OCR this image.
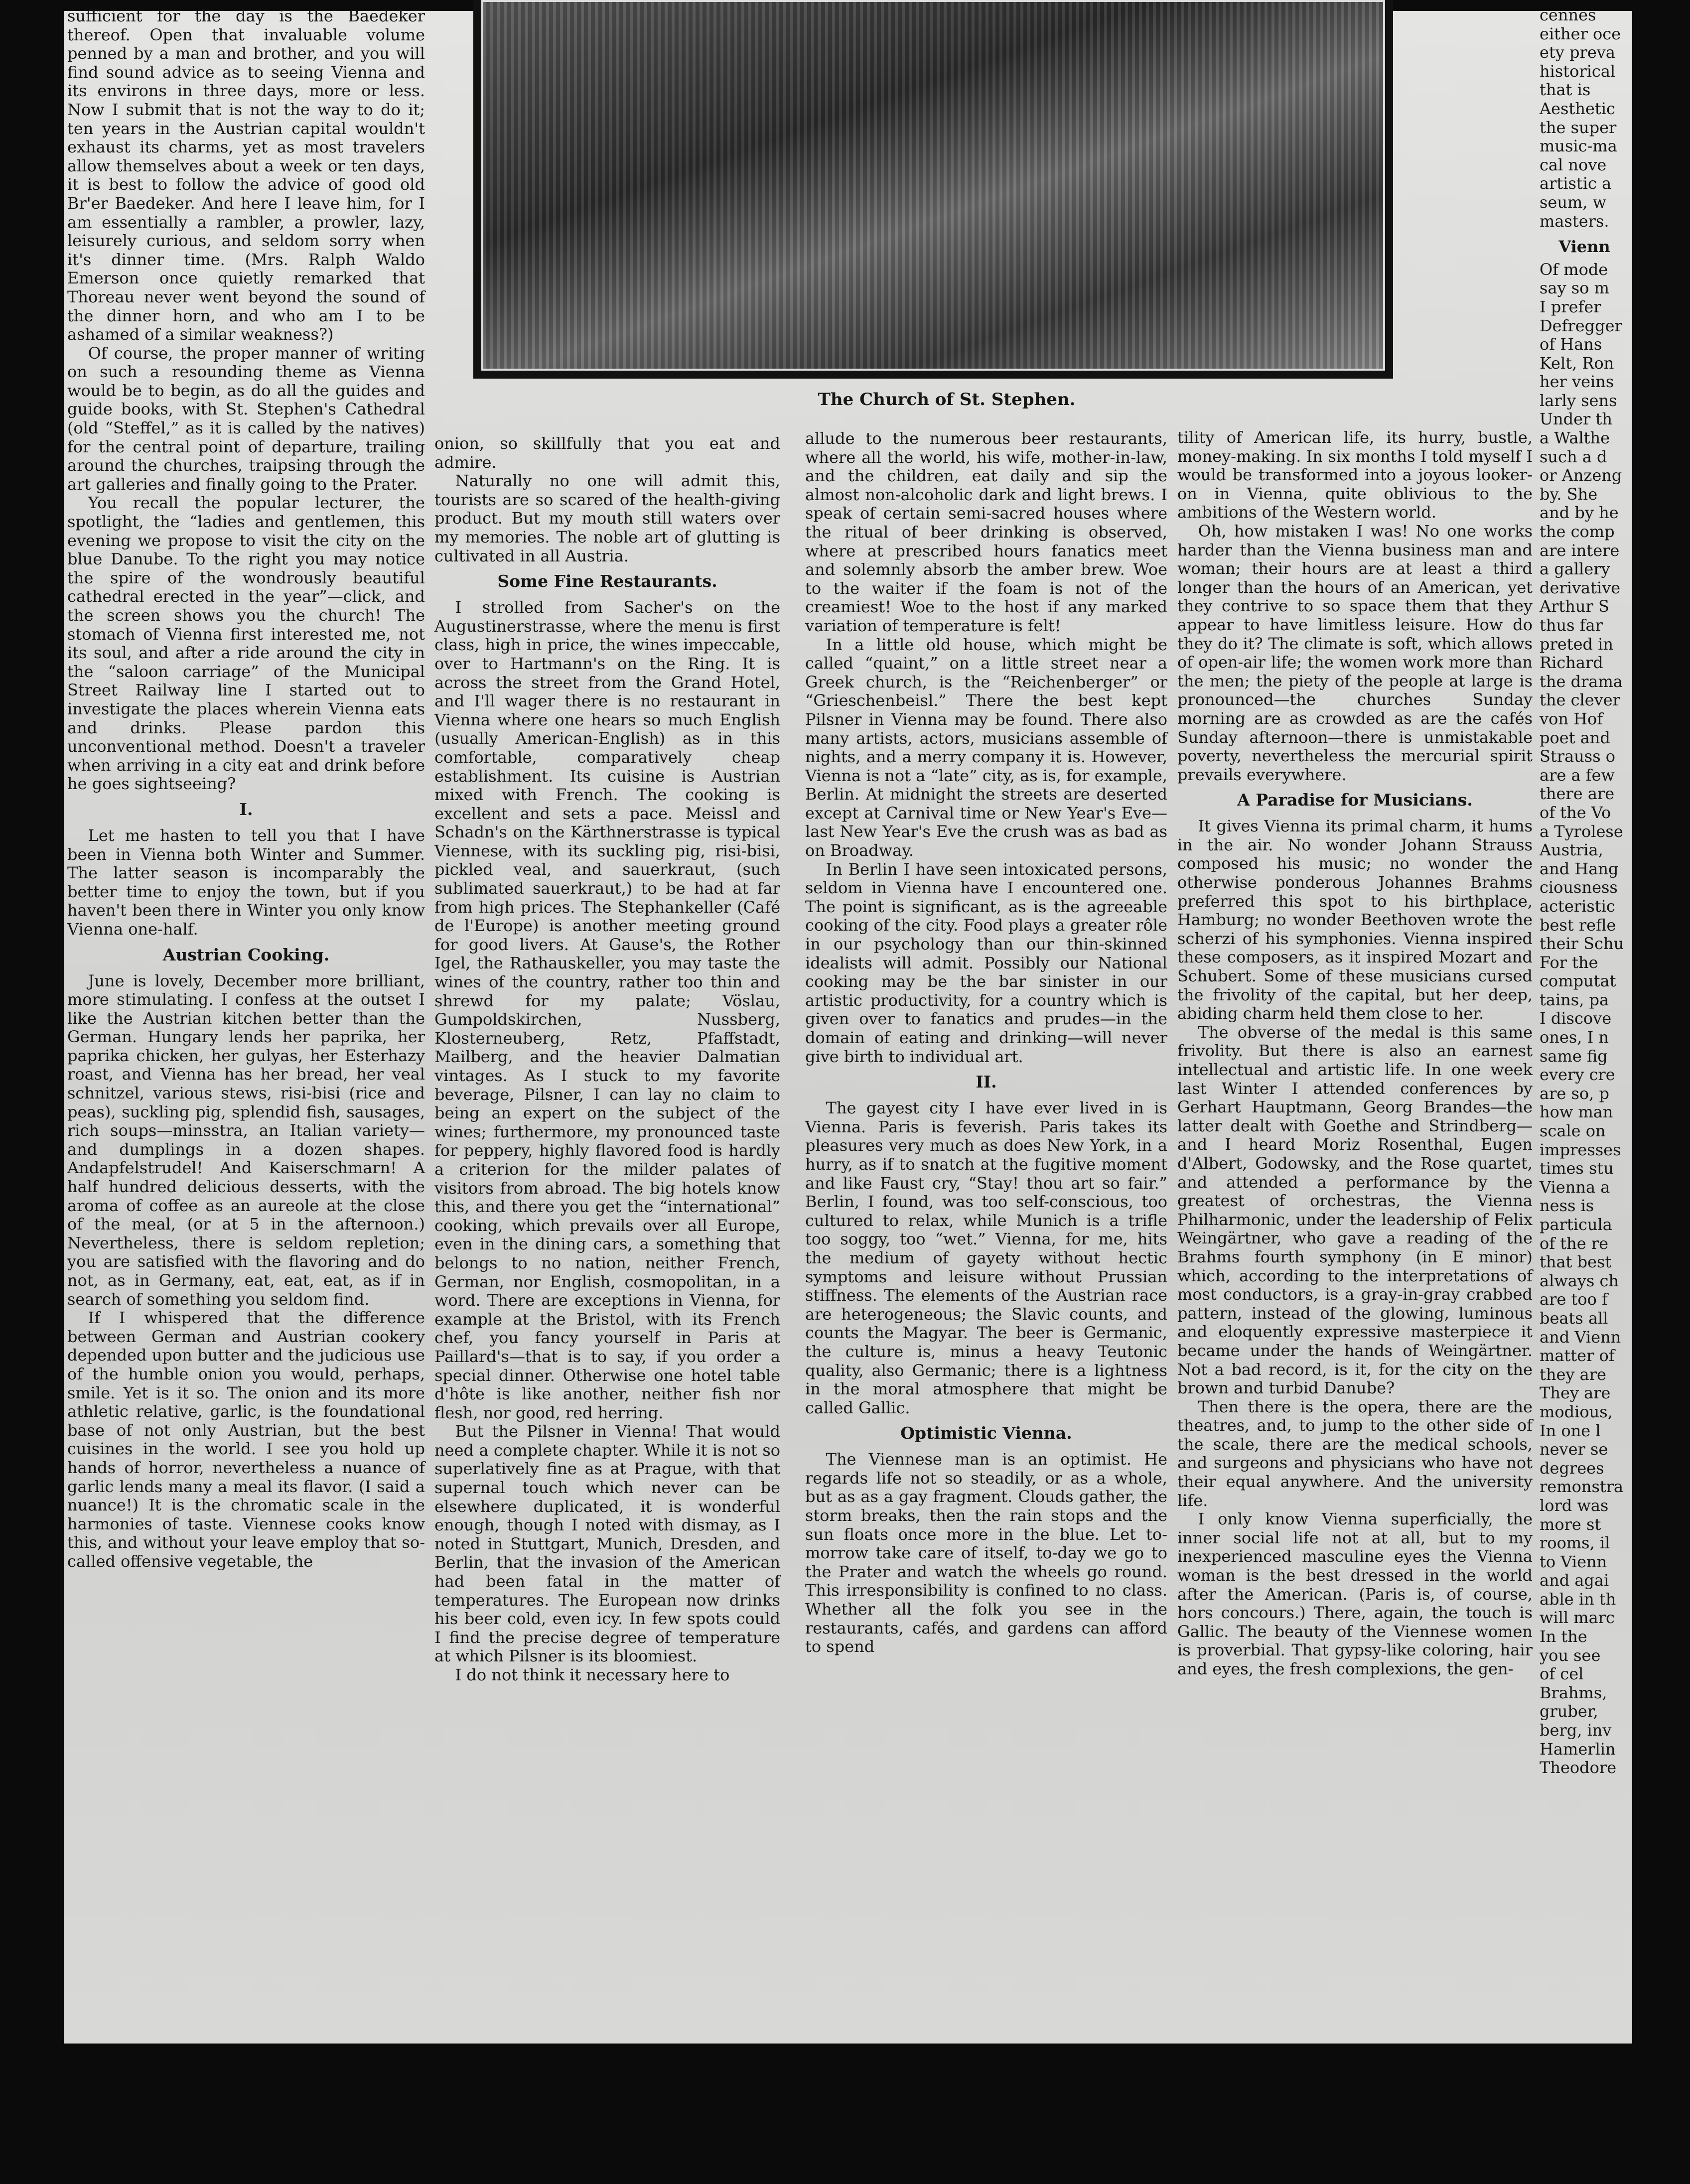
The Church of St. Stephen.

sufficient for the day is the Baedeker thereof. Open that invaluable volume penned by a man and brother, and you will find sound advice as to seeing Vienna and its environs in three days, more or less. Now I submit that is not the way to do it; ten years in the Austrian capital wouldn't exhaust its charms, yet as most travelers allow themselves about a week or ten days, it is best to follow the advice of good old Br'er Baedeker. And here I leave him, for I am essentially a rambler, a prowler, lazy, leisurely curious, and seldom sorry when it's dinner time. (Mrs. Ralph Waldo Emerson once quietly remarked that Thoreau never went beyond the sound of the dinner horn, and who am I to be ashamed of a similar weakness?)

Of course, the proper manner of writing on such a resounding theme as Vienna would be to begin, as do all the guides and guide books, with St. Stephen's Cathedral (old “Steffel,” as it is called by the natives) for the central point of departure, trailing around the churches, traipsing through the art galleries and finally going to the Prater.

You recall the popular lecturer, the spotlight, the “ladies and gentlemen, this evening we propose to visit the city on the blue Danube. To the right you may notice the spire of the wondrously beautiful cathedral erected in the year”—click, and the screen shows you the church! The stomach of Vienna first interested me, not its soul, and after a ride around the city in the “saloon carriage” of the Municipal Street Railway line I started out to investigate the places wherein Vienna eats and drinks. Please pardon this unconventional method. Doesn't a traveler when arriving in a city eat and drink before he goes sightseeing?

I.

Let me hasten to tell you that I have been in Vienna both Winter and Summer. The latter season is incomparably the better time to enjoy the town, but if you haven't been there in Winter you only know Vienna one-half.

Austrian Cooking.

June is lovely, December more brilliant, more stimulating. I confess at the outset I like the Austrian kitchen better than the German. Hungary lends her paprika, her paprika chicken, her gulyas, her Esterhazy roast, and Vienna has her bread, her veal schnitzel, various stews, risi-bisi (rice and peas), suckling pig, splendid fish, sausages, rich soups—minsstra, an Italian variety—and dumplings in a dozen shapes. Andapfelstrudel! And Kaiserschmarn! A half hundred delicious desserts, with the aroma of coffee as an aureole at the close of the meal, (or at 5 in the afternoon.) Nevertheless, there is seldom repletion; you are satisfied with the flavoring and do not, as in Germany, eat, eat, eat, as if in search of something you seldom find.

If I whispered that the difference between German and Austrian cookery depended upon butter and the judicious use of the humble onion you would, perhaps, smile. Yet is it so. The onion and its more athletic relative, garlic, is the foundational base of not only Austrian, but the best cuisines in the world. I see you hold up hands of horror, nevertheless a nuance of garlic lends many a meal its flavor. (I said a nuance!) It is the chromatic scale in the harmonies of taste. Viennese cooks know this, and without your leave employ that so-called offensive vegetable, the

onion, so skillfully that you eat and admire.

Naturally no one will admit this, tourists are so scared of the health-giving product. But my mouth still waters over my memories. The noble art of glutting is cultivated in all Austria.

Some Fine Restaurants.

I strolled from Sacher's on the Augustinerstrasse, where the menu is first class, high in price, the wines impeccable, over to Hartmann's on the Ring. It is across the street from the Grand Hotel, and I'll wager there is no restaurant in Vienna where one hears so much English (usually American-English) as in this comfortable, comparatively cheap establishment. Its cuisine is Austrian mixed with French. The cooking is excellent and sets a pace. Meissl and Schadn's on the Kärthnerstrasse is typical Viennese, with its suckling pig, risi-bisi, pickled veal, and sauerkraut, (such sublimated sauerkraut,) to be had at far from high prices. The Stephankeller (Café de l'Europe) is another meeting ground for good livers. At Gause's, the Rother Igel, the Rathauskeller, you may taste the wines of the country, rather too thin and shrewd for my palate; Vöslau, Gumpoldskirchen, Nussberg, Klosterneuberg, Retz, Pfaffstadt, Mailberg, and the heavier Dalmatian vintages. As I stuck to my favorite beverage, Pilsner, I can lay no claim to being an expert on the subject of the wines; furthermore, my pronounced taste for peppery, highly flavored food is hardly a criterion for the milder palates of visitors from abroad. The big hotels know this, and there you get the “international” cooking, which prevails over all Europe, even in the dining cars, a something that belongs to no nation, neither French, German, nor English, cosmopolitan, in a word. There are exceptions in Vienna, for example at the Bristol, with its French chef, you fancy yourself in Paris at Paillard's—that is to say, if you order a special dinner. Otherwise one hotel table d'hôte is like another, neither fish nor flesh, nor good, red herring.

But the Pilsner in Vienna! That would need a complete chapter. While it is not so superlatively fine as at Prague, with that supernal touch which never can be elsewhere duplicated, it is wonderful enough, though I noted with dismay, as I noted in Stuttgart, Munich, Dresden, and Berlin, that the invasion of the American had been fatal in the matter of temperatures. The European now drinks his beer cold, even icy. In few spots could I find the precise degree of temperature at which Pilsner is its bloomiest.

I do not think it necessary here to

allude to the numerous beer restaurants, where all the world, his wife, mother-in-law, and the children, eat daily and sip the almost non-alcoholic dark and light brews. I speak of certain semi-sacred houses where the ritual of beer drinking is observed, where at prescribed hours fanatics meet and solemnly absorb the amber brew. Woe to the waiter if the foam is not of the creamiest! Woe to the host if any marked variation of temperature is felt!

In a little old house, which might be called “quaint,” on a little street near a Greek church, is the “Reichenberger” or “Grieschenbeisl.” There the best kept Pilsner in Vienna may be found. There also many artists, actors, musicians assemble of nights, and a merry company it is. However, Vienna is not a “late” city, as is, for example, Berlin. At midnight the streets are deserted except at Carnival time or New Year's Eve—last New Year's Eve the crush was as bad as on Broadway.

In Berlin I have seen intoxicated persons, seldom in Vienna have I encountered one. The point is significant, as is the agreeable cooking of the city. Food plays a greater rôle in our psychology than our thin-skinned idealists will admit. Possibly our National cooking may be the bar sinister in our artistic productivity, for a country which is given over to fanatics and prudes—in the domain of eating and drinking—will never give birth to individual art.

II.

The gayest city I have ever lived in is Vienna. Paris is feverish. Paris takes its pleasures very much as does New York, in a hurry, as if to snatch at the fugitive moment and like Faust cry, “Stay! thou art so fair.” Berlin, I found, was too self-conscious, too cultured to relax, while Munich is a trifle too soggy, too “wet.” Vienna, for me, hits the medium of gayety without hectic symptoms and leisure without Prussian stiffness. The elements of the Austrian race are heterogeneous; the Slavic counts, and counts the Magyar. The beer is Germanic, the culture is, minus a heavy Teutonic quality, also Germanic; there is a lightness in the moral atmosphere that might be called Gallic.

Optimistic Vienna.

The Viennese man is an optimist. He regards life not so steadily, or as a whole, but as as a gay fragment. Clouds gather, the storm breaks, then the rain stops and the sun floats once more in the blue. Let to-morrow take care of itself, to-day we go to the Prater and watch the wheels go round. This irresponsibility is confined to no class. Whether all the folk you see in the restaurants, cafés, and gardens can afford to spend

tility of American life, its hurry, bustle, money-making. In six months I told myself I would be transformed into a joyous looker-on in Vienna, quite oblivious to the ambitions of the Western world.

Oh, how mistaken I was! No one works harder than the Vienna business man and woman; their hours are at least a third longer than the hours of an American, yet they contrive to so space them that they appear to have limitless leisure. How do they do it? The climate is soft, which allows of open-air life; the women work more than the men; the piety of the people at large is pronounced—the churches Sunday morning are as crowded as are the cafés Sunday afternoon—there is unmistakable poverty, nevertheless the mercurial spirit prevails everywhere.

A Paradise for Musicians.

It gives Vienna its primal charm, it hums in the air. No wonder Johann Strauss composed his music; no wonder the otherwise ponderous Johannes Brahms preferred this spot to his birthplace, Hamburg; no wonder Beethoven wrote the scherzi of his symphonies. Vienna inspired these composers, as it inspired Mozart and Schubert. Some of these musicians cursed the frivolity of the capital, but her deep, abiding charm held them close to her.

The obverse of the medal is this same frivolity. But there is also an earnest intellectual and artistic life. In one week last Winter I attended conferences by Gerhart Hauptmann, Georg Brandes—the latter dealt with Goethe and Strindberg—and I heard Moriz Rosenthal, Eugen d'Albert, Godowsky, and the Rose quartet, and attended a performance by the greatest of orchestras, the Vienna Philharmonic, under the leadership of Felix Weingärtner, who gave a reading of the Brahms fourth symphony (in E minor) which, according to the interpretations of most conductors, is a gray-in-gray crabbed pattern, instead of the glowing, luminous and eloquently expressive masterpiece it became under the hands of Weingärtner. Not a bad record, is it, for the city on the brown and turbid Danube?

Then there is the opera, there are the theatres, and, to jump to the other side of the scale, there are the medical schools, and surgeons and physicians who have not their equal anywhere. And the university life.

I only know Vienna superficially, the inner social life not at all, but to my inexperienced masculine eyes the Vienna woman is the best dressed in the world after the American. (Paris is, of course, hors concours.) There, again, the touch is Gallic. The beauty of the Viennese women is proverbial. That gypsy-like coloring, hair and eyes, the fresh complexions, the gen-

cennes
either oce
ety preva
historical
that is
Aesthetic
the super
music-ma
cal nove
artistic a
seum, w
masters.
Vienn
Of mode
say so m
I prefer
Defregger
of Hans
Kelt, Ron
her veins
larly sens
Under th
a Walthe
such a d
or Anzeng
by. She
and by he
the comp
are intere
a gallery
derivative
Arthur S
thus far
preted in
Richard
the drama
the clever
von Hof
poet and
Strauss o
are a few
there are
of the Vo
a Tyrolese
Austria,
and Hang
ciousness
acteristic
best refle
their Schu
For the
computat
tains, pa
I discove
ones, I n
same fig
every cre
are so, p
how man
scale on
impresses
times stu
Vienna a
ness is
particula
of the re
that best
always ch
are too f
beats all
and Vienn
matter of
they are
They are
modious,
In one l
never se
degrees
remonstra
lord was
more st
rooms, il
to Vienn
and agai
able in th
will marc
In the
you see
of cel
Brahms,
gruber,
berg, inv
Hamerlin
Theodore
